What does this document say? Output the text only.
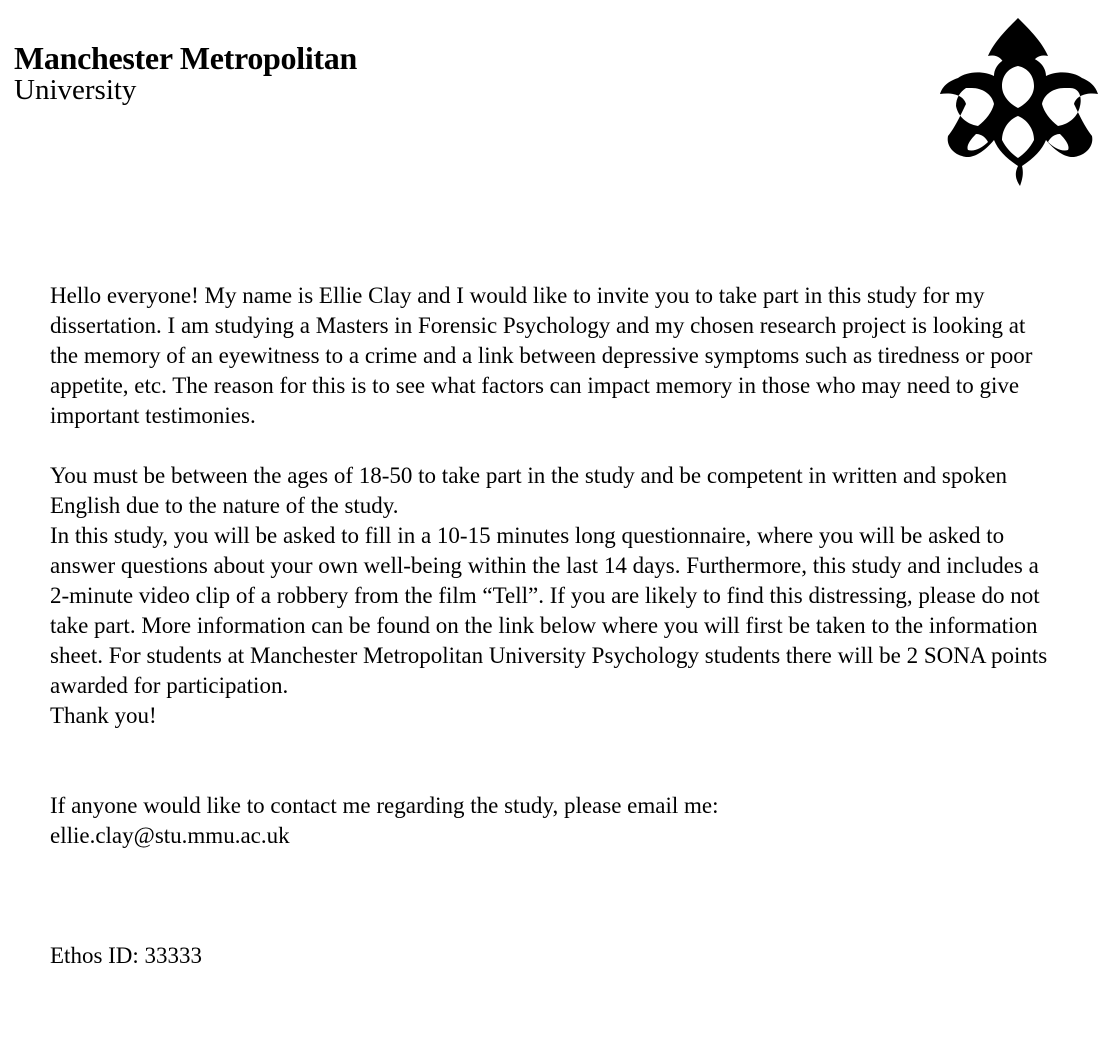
Manchester Metropolitan
University

Hello everyone! My name is Ellie Clay and I would like to invite you to take part in this study for my dissertation. I am studying a Masters in Forensic Psychology and my chosen research project is looking at the memory of an eyewitness to a crime and a link between depressive symptoms such as tiredness or poor appetite, etc. The reason for this is to see what factors can impact memory in those who may need to give important testimonies.

You must be between the ages of 18-50 to take part in the study and be competent in written and spoken English due to the nature of the study.

In this study, you will be asked to fill in a 10-15 minutes long questionnaire, where you will be asked to answer questions about your own well-being within the last 14 days. Furthermore, this study and includes a 2-minute video clip of a robbery from the film “Tell”. If you are likely to find this distressing, please do not take part. More information can be found on the link below where you will first be taken to the information sheet. For students at Manchester Metropolitan University Psychology students there will be 2 SONA points awarded for participation.

Thank you!

If anyone would like to contact me regarding the study, please email me:

ellie.clay@stu.mmu.ac.uk

Ethos ID: 33333
